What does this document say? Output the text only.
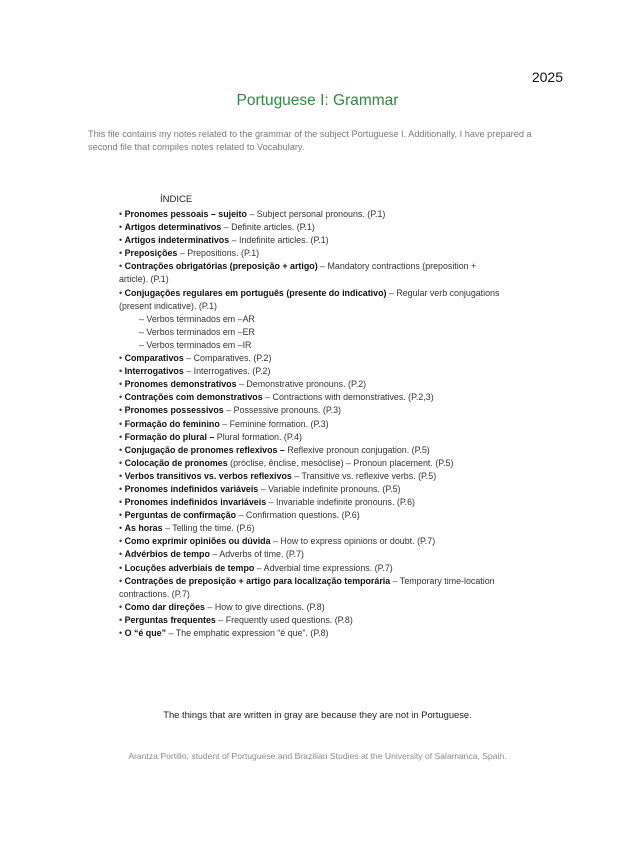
2025
Portuguese I: Grammar
This file contains my notes related to the grammar of the subject Portuguese I. Additionally, I have prepared a second file that compiles notes related to Vocabulary.
ÍNDICE

• Pronomes pessoais – sujeito – Subject personal pronouns. (P.1)

• Artigos determinativos – Definite articles. (P.1)

• Artigos indeterminativos – Indefinite articles. (P.1)

• Preposições – Prepositions. (P.1)

• Contrações obrigatórias (preposição + artigo) – Mandatory contractions (preposition + article). (P.1)

• Conjugações regulares em português (presente do indicativo) – Regular verb conjugations (present indicative). (P.1)

– Verbos terminados em –AR

– Verbos terminados em –ER

– Verbos terminados em –IR

• Comparativos – Comparatives. (P.2)

• Interrogativos – Interrogatives. (P.2)

• Pronomes demonstrativos – Demonstrative pronouns. (P.2)

• Contrações com demonstrativos – Contractions with demonstratives. (P.2,3)

• Pronomes possessivos – Possessive pronouns. (P.3)

• Formação do feminino – Feminine formation. (P.3)

• Formação do plural – Plural formation. (P.4)

• Conjugação de pronomes reflexivos – Reflexive pronoun conjugation. (P.5)

• Colocação de pronomes (próclise, ênclise, mesóclise) – Pronoun placement. (P.5)

• Verbos transitivos vs. verbos reflexivos – Transitive vs. reflexive verbs. (P.5)

• Pronomes indefinidos variáveis – Variable indefinite pronouns. (P.5)

• Pronomes indefinidos invariáveis – Invariable indefinite pronouns. (P.6)

• Perguntas de confirmação – Confirmation questions. (P.6)

• As horas – Telling the time. (P.6)

• Como exprimir opiniões ou dúvida – How to express opinions or doubt. (P.7)

• Advérbios de tempo – Adverbs of time. (P.7)

• Locuções adverbiais de tempo – Adverbial time expressions. (P.7)

• Contrações de preposição + artigo para localização temporária – Temporary time-location contractions. (P.7)

• Como dar direções – How to give directions. (P.8)

• Perguntas frequentes – Frequently used questions. (P.8)

• O “é que” – The emphatic expression “é que”. (P.8)

The things that are written in gray are because they are not in Portuguese.
Arantza Portillo, student of Portuguese and Brazilian Studies at the University of Salamanca, Spain.
